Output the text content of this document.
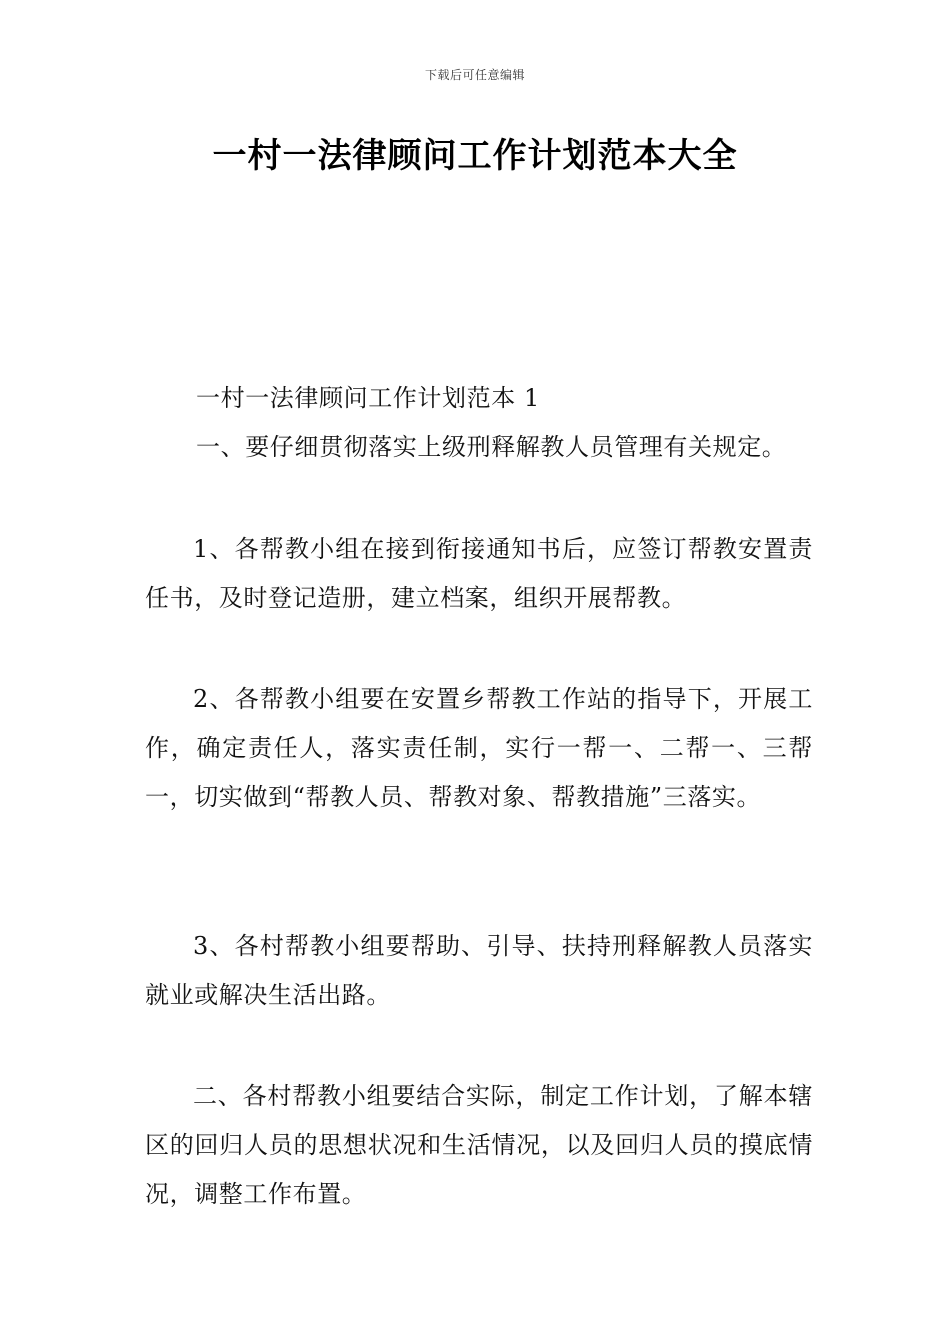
下载后可任意编辑
一村一法律顾问工作计划范本大全

一村一法律顾问工作计划范本 1

一、要仔细贯彻落实上级刑释解教人员管理有关规定。

1、各帮教小组在接到衔接通知书后，应签订帮教安置责任书，及时登记造册，建立档案，组织开展帮教。

2、各帮教小组要在安置乡帮教工作站的指导下，开展工作，确定责任人，落实责任制，实行一帮一、二帮一、三帮一，切实做到“帮教人员、帮教对象、帮教措施”三落实。

3、各村帮教小组要帮助、引导、扶持刑释解教人员落实就业或解决生活出路。

二、各村帮教小组要结合实际，制定工作计划，了解本辖区的回归人员的思想状况和生活情况，以及回归人员的摸底情况，调整工作布置。
